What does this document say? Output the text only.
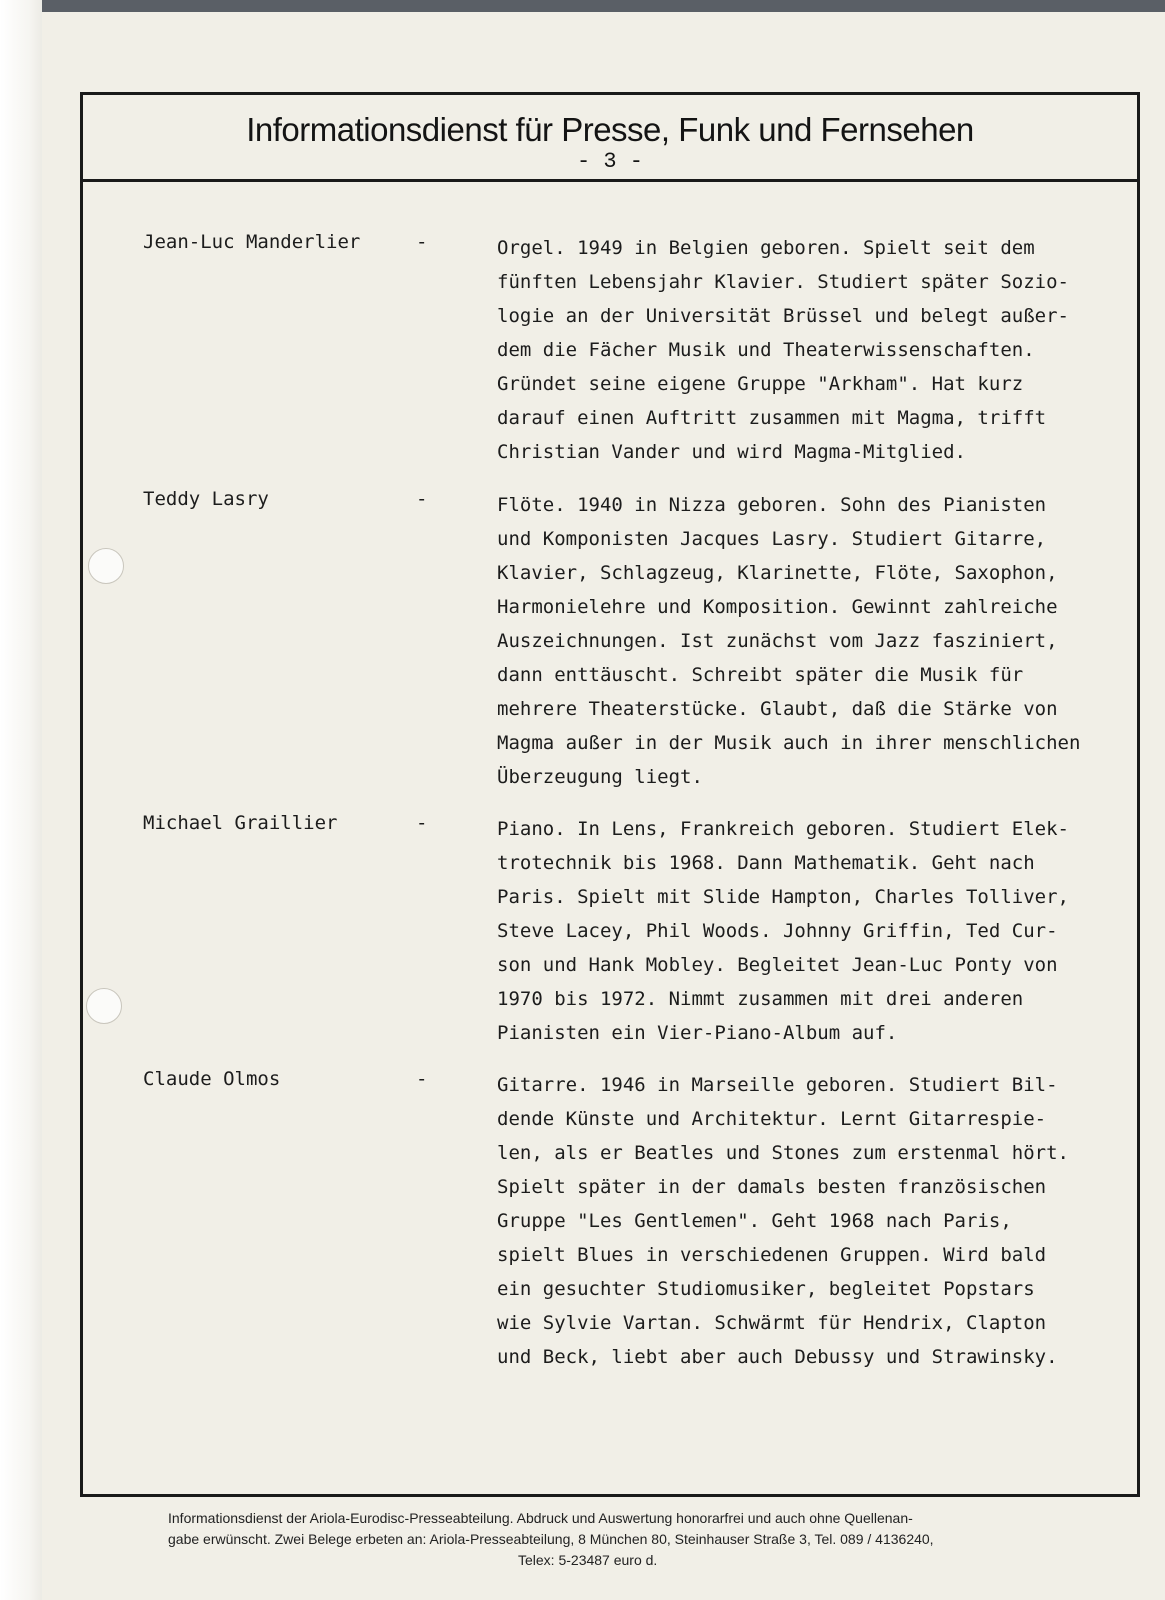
Informationsdienst für Presse, Funk und Fernsehen
- 3 -
Jean-Luc Manderlier	-	Orgel. 1949 in Belgien geboren. Spielt seit dem
fünften Lebensjahr Klavier. Studiert später Sozio-
logie an der Universität Brüssel und belegt außer-
dem die Fächer Musik und Theaterwissenschaften.
Gründet seine eigene Gruppe "Arkham". Hat kurz
darauf einen Auftritt zusammen mit Magma, trifft
Christian Vander und wird Magma-Mitglied.
Teddy Lasry	-	Flöte. 1940 in Nizza geboren. Sohn des Pianisten
und Komponisten Jacques Lasry. Studiert Gitarre,
Klavier, Schlagzeug, Klarinette, Flöte, Saxophon,
Harmonielehre und Komposition. Gewinnt zahlreiche
Auszeichnungen. Ist zunächst vom Jazz fasziniert,
dann enttäuscht. Schreibt später die Musik für
mehrere Theaterstücke. Glaubt, daß die Stärke von
Magma außer in der Musik auch in ihrer menschlichen
Überzeugung liegt.
Michael Graillier	-	Piano. In Lens, Frankreich geboren. Studiert Elek-
trotechnik bis 1968. Dann Mathematik. Geht nach
Paris. Spielt mit Slide Hampton, Charles Tolliver,
Steve Lacey, Phil Woods. Johnny Griffin, Ted Cur-
son und Hank Mobley. Begleitet Jean-Luc Ponty von
1970 bis 1972. Nimmt zusammen mit drei anderen
Pianisten ein Vier-Piano-Album auf.
Claude Olmos	-	Gitarre. 1946 in Marseille geboren. Studiert Bil-
dende Künste und Architektur. Lernt Gitarrespie-
len, als er Beatles und Stones zum erstenmal hört.
Spielt später in der damals besten französischen
Gruppe "Les Gentlemen". Geht 1968 nach Paris,
spielt Blues in verschiedenen Gruppen. Wird bald
ein gesuchter Studiomusiker, begleitet Popstars
wie Sylvie Vartan. Schwärmt für Hendrix, Clapton
und Beck, liebt aber auch Debussy und Strawinsky.
Informationsdienst der Ariola-Eurodisc-Presseabteilung. Abdruck und Auswertung honorarfrei und auch ohne Quellenan-
gabe erwünscht. Zwei Belege erbeten an: Ariola-Presseabteilung, 8 München 80, Steinhauser Straße 3, Tel. 089 / 4136240,
Telex: 5-23487 euro d.
